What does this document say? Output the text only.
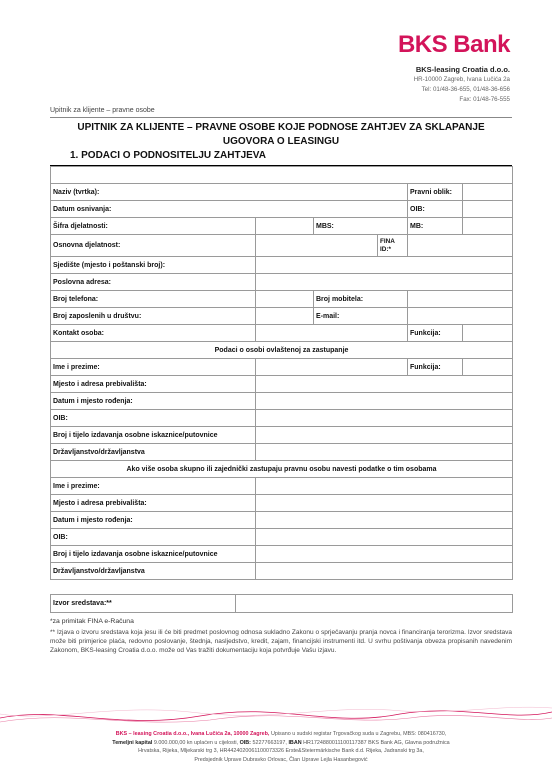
BKS Bank
BKS-leasing Croatia d.o.o.
HR-10000 Zagreb, Ivana Lučića 2a
Tel: 01/48-36-655, 01/48-36-656
Fax: 01/48-76-555
Upitnik za klijente – pravne osobe
UPITNIK ZA KLIJENTE – PRAVNE OSOBE KOJE PODNOSE ZAHTJEV ZA SKLAPANJE
UGOVORA O LEASINGU
1. PODACI O PODNOSITELJU ZAHTJEVA

Naziv (tvrtka):				Pravni oblik:	
Datum osnivanja:				OIB:	
Šifra djelatnosti:		MBS:		MB:	
Osnovna djelatnost:			FINA ID:*		
Sjedište (mjesto i poštanski broj):					
Poslovna adresa:					
Broj telefona:		Broj mobitela:			
Broj zaposlenih u društvu:		E-mail:			
Kontakt osoba:				Funkcija:	
Podaci o osobi ovlaštenoj za zastupanje					
Ime i prezime:				Funkcija:	
Mjesto i adresa prebivališta:					
Datum i mjesto rođenja:					
OIB:					
Broj i tijelo izdavanja osobne iskaznice/putovnice					
Državljanstvo/državljanstva					
Ako više osoba skupno ili zajednički zastupaju pravnu osobu navesti podatke o tim osobama					
Ime i prezime:					
Mjesto i adresa prebivališta:					
Datum i mjesto rođenja:					
OIB:					
Broj i tijelo izdavanja osobne iskaznice/putovnice					
Državljanstvo/državljanstva					
Izvor sredstava:**	
*za primitak FINA e-Računa
** Izjava o izvoru sredstava koja jesu ili će biti predmet poslovnog odnosa sukladno Zakonu o sprječavanju pranja novca i financiranja terorizma. Izvor sredstava može biti primjerice plaća, redovno poslovanje, štednja, nasljedstvo, kredit, zajam, financijski instrumenti itd. U svrhu poštivanja obveza propisanih navedenim Zakonom, BKS-leasing Croatia d.o.o. može od Vas tražiti dokumentaciju koja potvrđuje Vašu izjavu.
BKS – leasing Croatia d.o.o., Ivana Lučića 2a, 10000 Zagreb, Upisano u sudski registar Trgovačkog suda u Zagrebu, MBS: 080416730,
Temeljni kapital 9.000.000,00 kn uplaćen u cijelosti, OIB: 52277663197, IBAN HR1724880011100117387 BKS Bank AG, Glavna podružnica
Hrvatska, Rijeka, Mljekarski trg 3, HR4424020061100073326 Erste&Steiermärkische Bank d.d. Rijeka, Jadranski trg 3a,
Predsjednik Uprave Dubravko Orlovac, Član Uprave Lejla Hasanbegović
